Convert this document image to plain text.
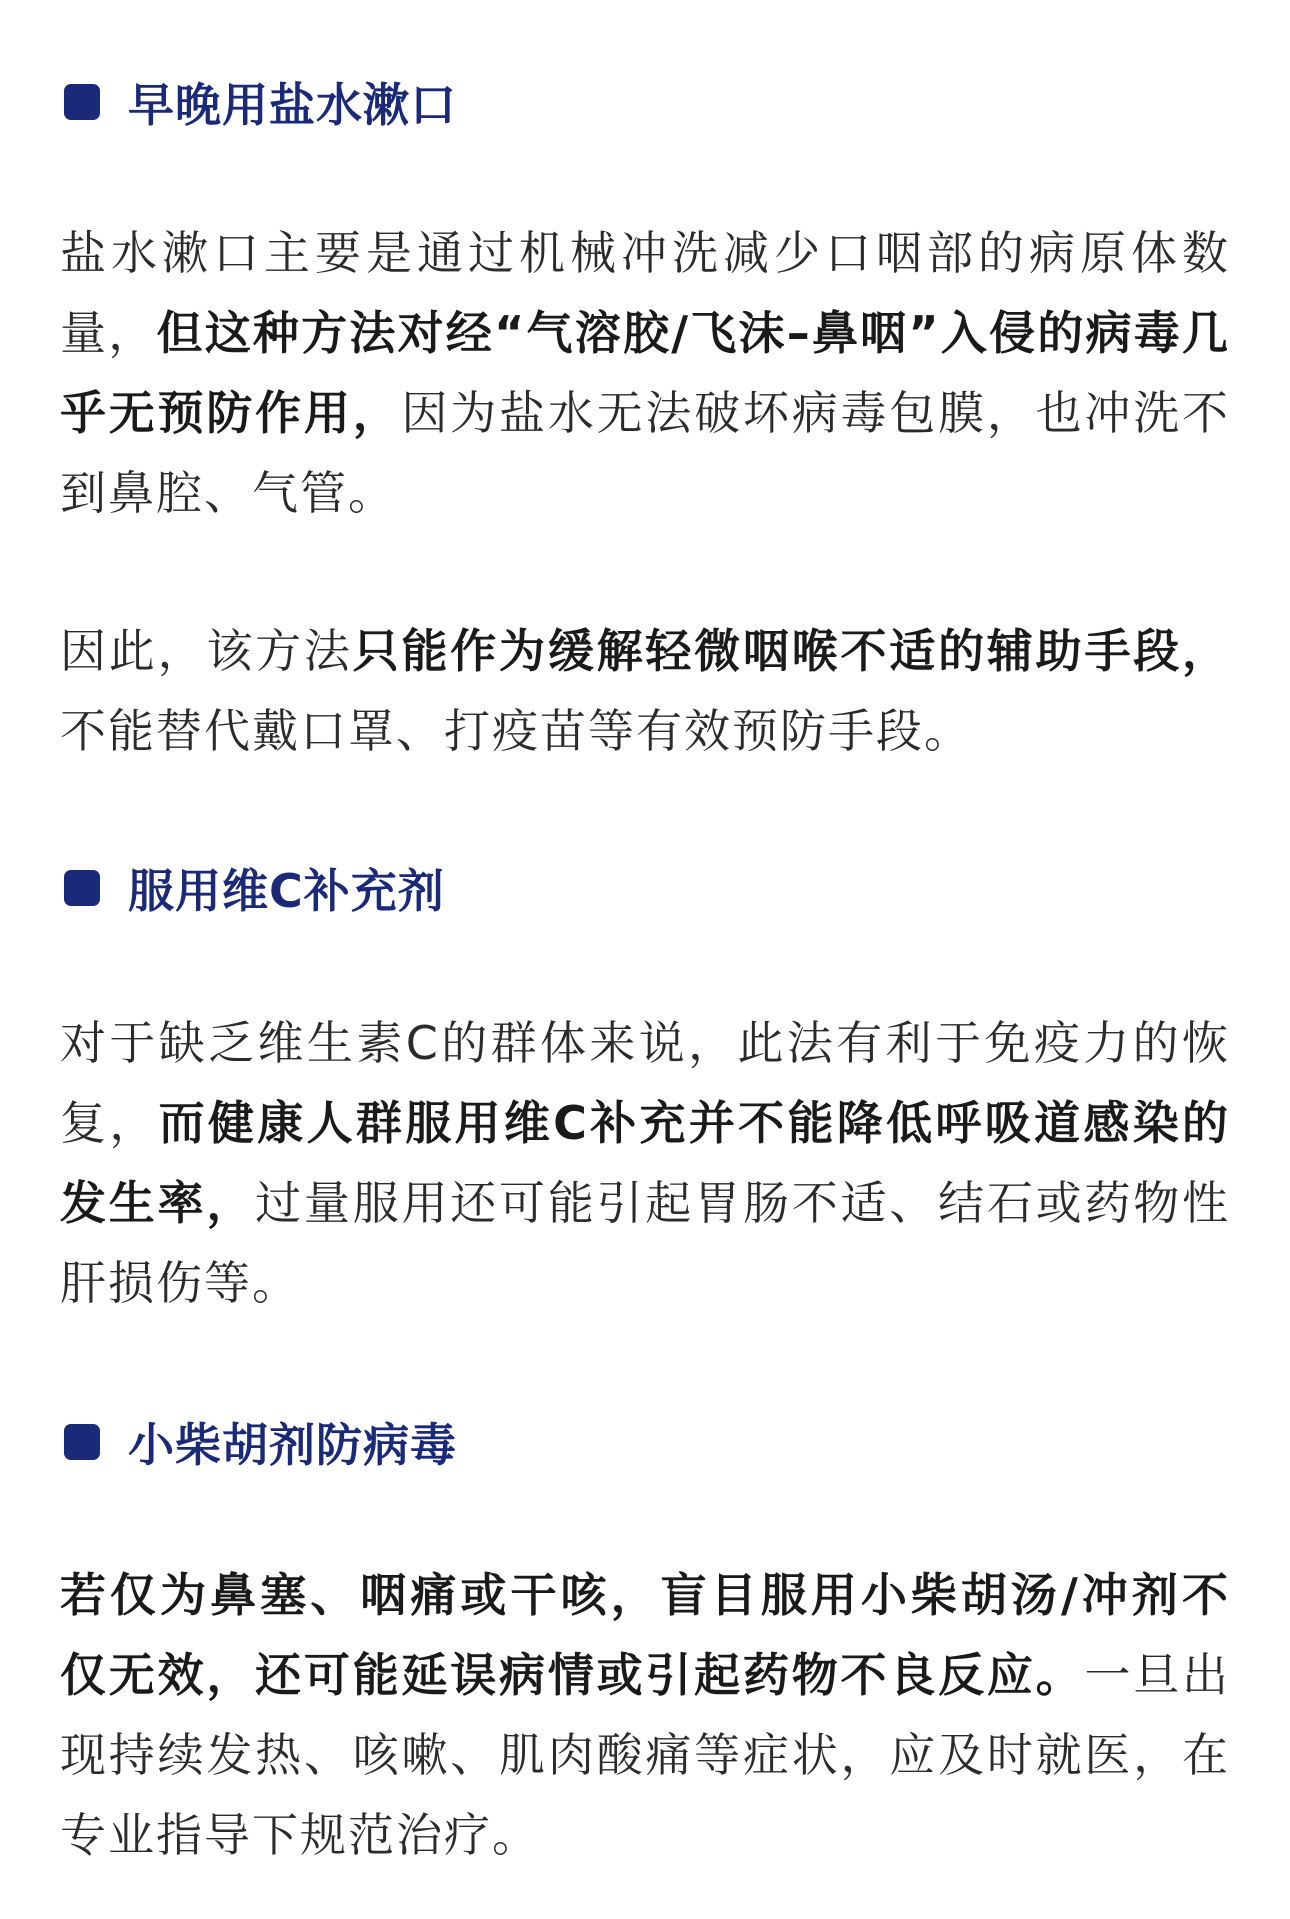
早晚用盐水漱口

盐水漱口主要是通过机械冲洗减少口咽部的病原体数量，但这种方法对经“气溶胶/飞沫–鼻咽”入侵的病毒几乎无预防作用，因为盐水无法破坏病毒包膜，也冲洗不到鼻腔、气管。

因此，该方法只能作为缓解轻微咽喉不适的辅助手段，不能替代戴口罩、打疫苗等有效预防手段。

服用维C补充剂

对于缺乏维生素C的群体来说，此法有利于免疫力的恢复，而健康人群服用维C补充并不能降低呼吸道感染的发生率，过量服用还可能引起胃肠不适、结石或药物性肝损伤等。

小柴胡剂防病毒

若仅为鼻塞、咽痛或干咳，盲目服用小柴胡汤/冲剂不仅无效，还可能延误病情或引起药物不良反应。一旦出现持续发热、咳嗽、肌肉酸痛等症状，应及时就医，在专业指导下规范治疗。
